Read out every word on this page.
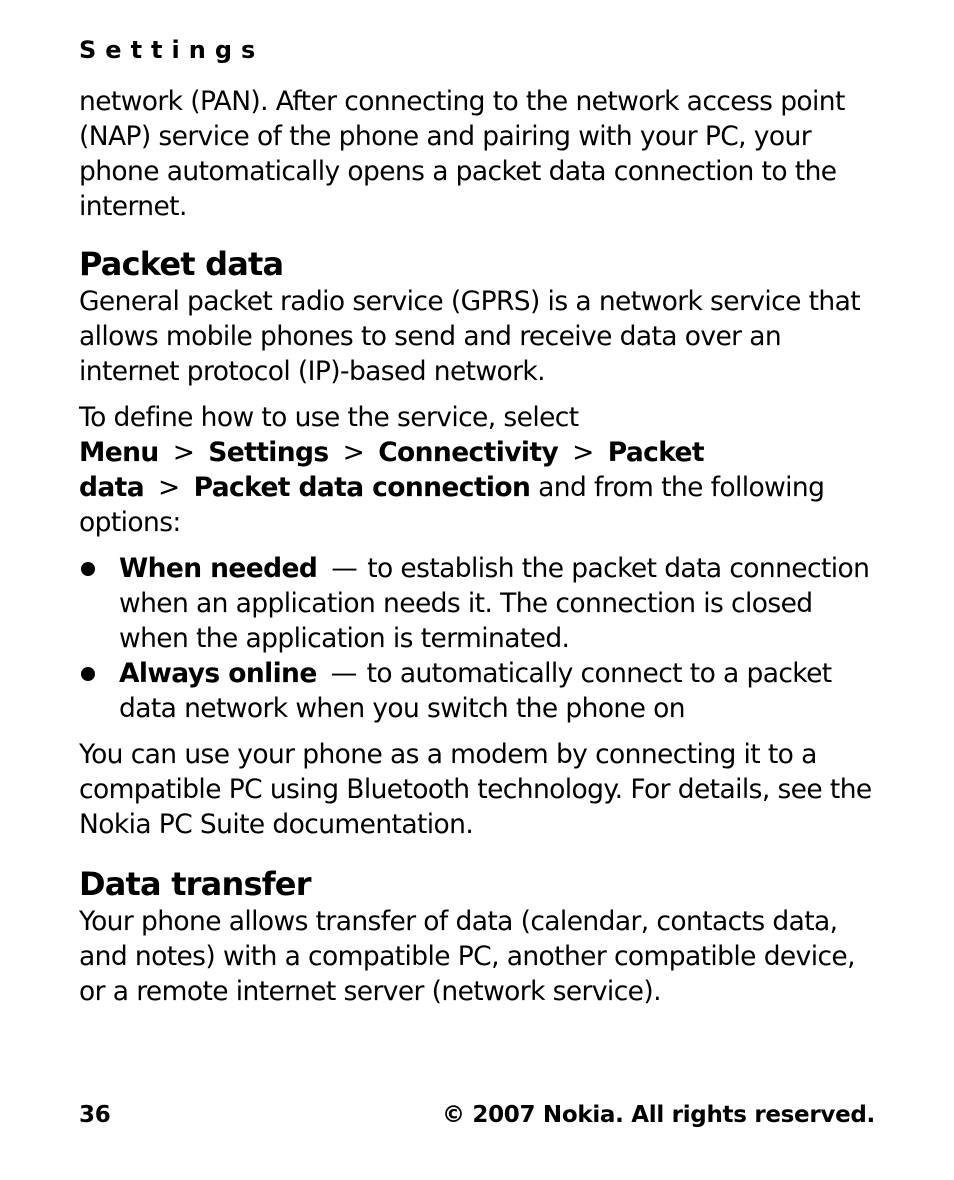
Settings

network (PAN). After connecting to the network access point (NAP) service of the phone and pairing with your PC, your phone automatically opens a packet data connection to the internet.

Packet data

General packet radio service (GPRS) is a network service that allows mobile phones to send and receive data over an internet protocol (IP)-based network.

To define how to use the service, select Menu > Settings > Connectivity > Packet data > Packet data connection and from the following options:

When needed — to establish the packet data connection when an application needs it. The connection is closed when the application is terminated.
Always online — to automatically connect to a packet data network when you switch the phone on

You can use your phone as a modem by connecting it to a compatible PC using Bluetooth technology. For details, see the Nokia PC Suite documentation.

Data transfer

Your phone allows transfer of data (calendar, contacts data, and notes) with a compatible PC, another compatible device, or a remote internet server (network service).

36	© 2007 Nokia. All rights reserved.
